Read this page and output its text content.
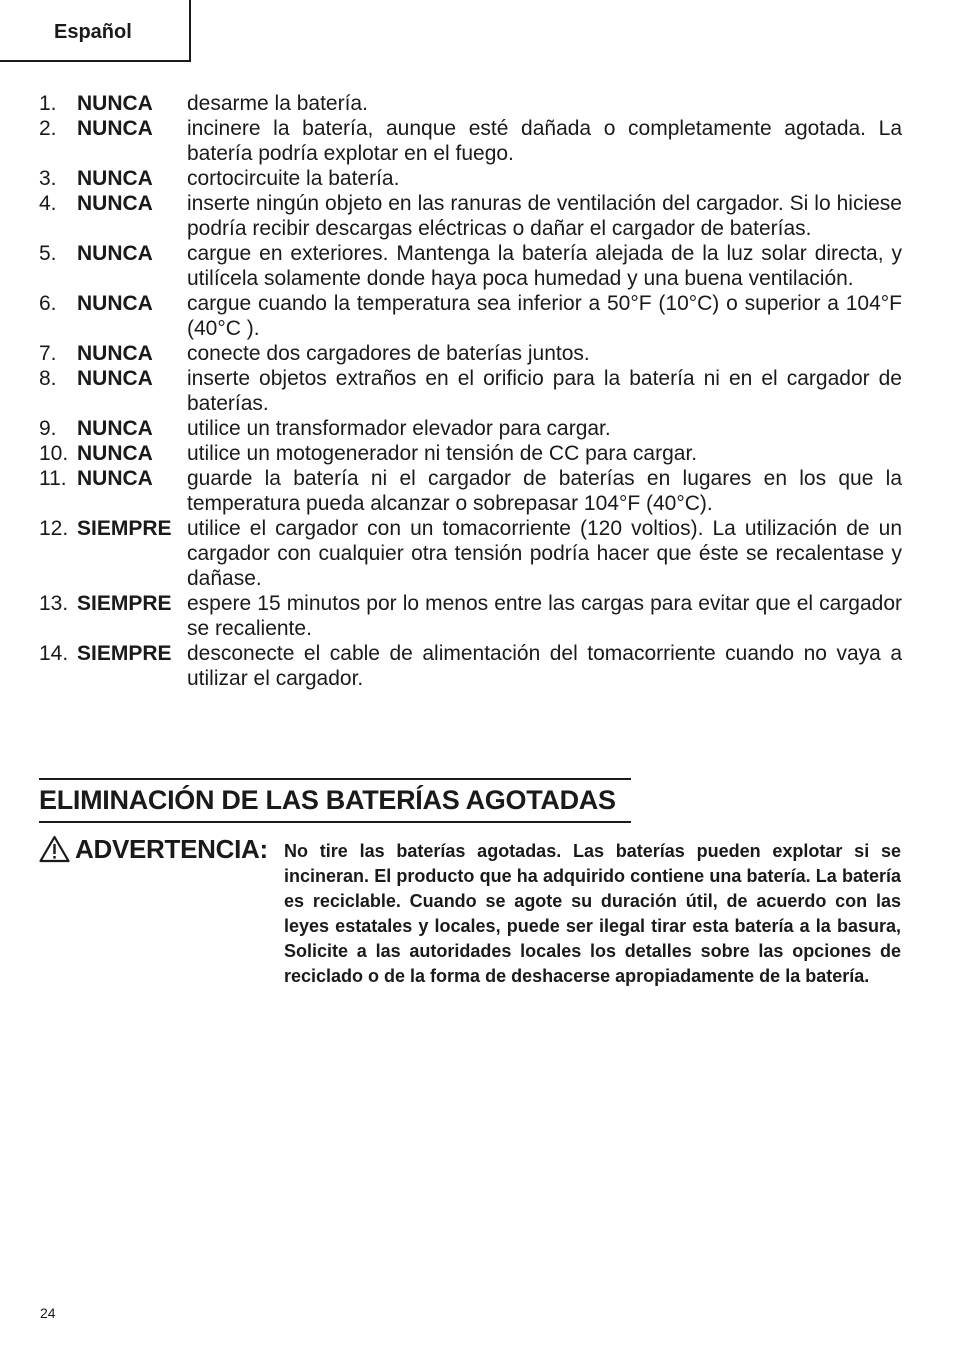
Español
1. NUNCA	desarme la batería.
2. NUNCA	incinere la batería, aunque esté dañada o completamente agotada. La batería podría explotar en el fuego.
3. NUNCA	cortocircuite la batería.
4. NUNCA	inserte ningún objeto en las ranuras de ventilación del cargador. Si lo hiciese podría recibir descargas eléctricas o dañar el cargador de baterías.
5. NUNCA	cargue en exteriores. Mantenga la batería alejada de la luz solar directa, y utilícela solamente donde haya poca humedad y una buena ventilación.
6. NUNCA	cargue cuando la temperatura sea inferior a 50°F (10°C) o superior a 104°F (40°C ).
7. NUNCA	conecte dos cargadores de baterías juntos.
8. NUNCA	inserte objetos extraños en el orificio para la batería ni en el cargador de baterías.
9. NUNCA	utilice un transformador elevador para cargar.
10. NUNCA	utilice un motogenerador ni tensión de CC para cargar.
11. NUNCA	guarde la batería ni el cargador de baterías en lugares en los que la temperatura pueda alcanzar o sobrepasar 104°F (40°C).
12. SIEMPRE utilice el cargador con un tomacorriente (120 voltios). La utilización de un cargador con cualquier otra tensión podría hacer que éste se recalentase y dañase.
13. SIEMPRE espere 15 minutos por lo menos entre las cargas para evitar que el cargador se recaliente.
14. SIEMPRE desconecte el cable de alimentación del tomacorriente cuando no vaya a utilizar el cargador.
ELIMINACIÓN DE LAS BATERÍAS AGOTADAS
ADVERTENCIA: No tire las baterías agotadas. Las baterías pueden explotar si se incineran. El producto que ha adquirido contiene una batería. La batería es reciclable. Cuando se agote su duración útil, de acuerdo con las leyes estatales y locales, puede ser ilegal tirar esta batería a la basura, Solicite a las autoridades locales los detalles sobre las opciones de reciclado o de la forma de deshacerse apropiadamente de la batería.
24
